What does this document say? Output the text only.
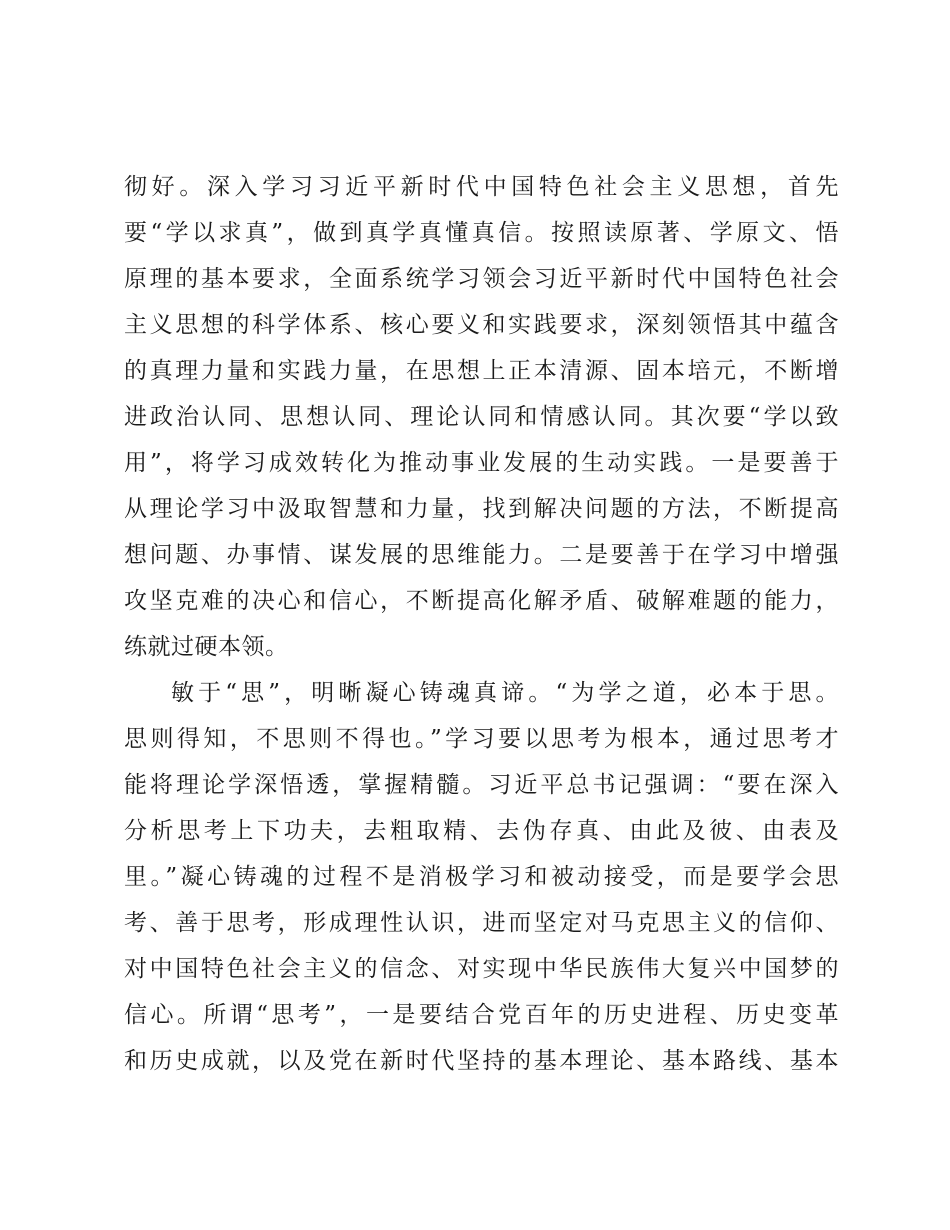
彻好。深入学习习近平新时代中国特色社会主义思想，首先
要“学以求真”，做到真学真懂真信。按照读原著、学原文、悟
原理的基本要求，全面系统学习领会习近平新时代中国特色社会
主义思想的科学体系、核心要义和实践要求，深刻领悟其中蕴含
的真理力量和实践力量，在思想上正本清源、固本培元，不断增
进政治认同、思想认同、理论认同和情感认同。其次要“学以致
用”，将学习成效转化为推动事业发展的生动实践。一是要善于
从理论学习中汲取智慧和力量，找到解决问题的方法，不断提高
想问题、办事情、谋发展的思维能力。二是要善于在学习中增强
攻坚克难的决心和信心，不断提高化解矛盾、破解难题的能力，
练就过硬本领。
敏于“思”，明晰凝心铸魂真谛。“为学之道，必本于思。
思则得知，不思则不得也。”学习要以思考为根本，通过思考才
能将理论学深悟透，掌握精髓。习近平总书记强调：“要在深入
分析思考上下功夫，去粗取精、去伪存真、由此及彼、由表及
里。”凝心铸魂的过程不是消极学习和被动接受，而是要学会思
考、善于思考，形成理性认识，进而坚定对马克思主义的信仰、
对中国特色社会主义的信念、对实现中华民族伟大复兴中国梦的
信心。所谓“思考”，一是要结合党百年的历史进程、历史变革
和历史成就，以及党在新时代坚持的基本理论、基本路线、基本
